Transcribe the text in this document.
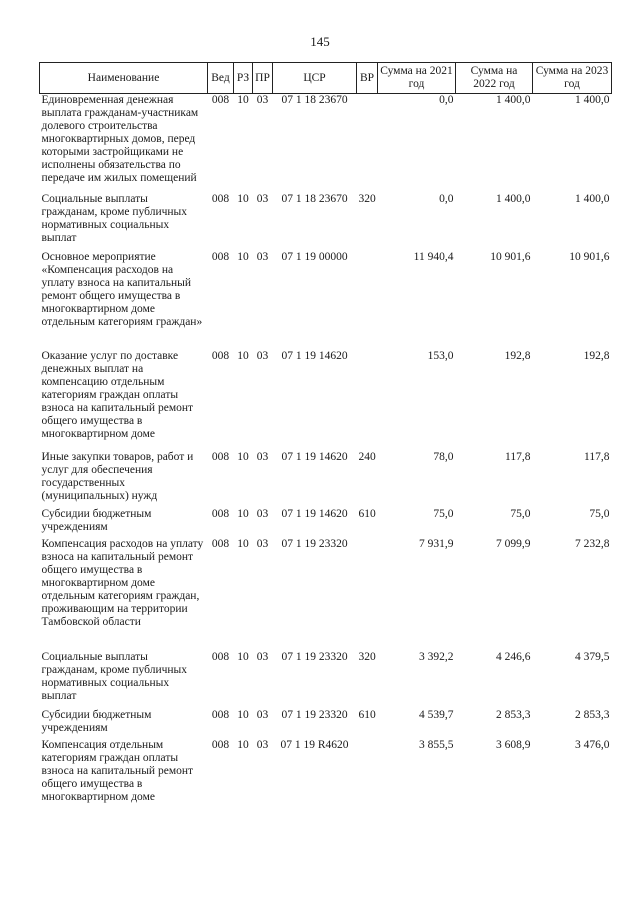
145
Наименование	Вед	РЗ	ПР	ЦСР	ВР	Сумма на 2021 год	Сумма на 2022 год	Сумма на 2023 год
Единовременная денежная выплата гражданам-участникам долевого строительства многоквартирных домов, перед которыми застройщиками не исполнены обязательства по передаче им жилых помещений	008	10	03	07 1 18 23670		0,0	1 400,0	1 400,0
Социальные выплаты гражданам, кроме публичных нормативных социальных выплат	008	10	03	07 1 18 23670	320	0,0	1 400,0	1 400,0
Основное мероприятие «Компенсация расходов на уплату взноса на капитальный ремонт общего имущества в многоквартирном доме отдельным категориям граждан»	008	10	03	07 1 19 00000		11 940,4	10 901,6	10 901,6
Оказание услуг по доставке денежных выплат на компенсацию отдельным категориям граждан оплаты взноса на капитальный ремонт общего имущества в многоквартирном доме	008	10	03	07 1 19 14620		153,0	192,8	192,8
Иные закупки товаров, работ и услуг для обеспечения государственных (муниципальных) нужд	008	10	03	07 1 19 14620	240	78,0	117,8	117,8
Субсидии бюджетным учреждениям	008	10	03	07 1 19 14620	610	75,0	75,0	75,0
Компенсация расходов на уплату взноса на капитальный ремонт общего имущества в многоквартирном доме отдельным категориям граждан, проживающим на территории Тамбовской области	008	10	03	07 1 19 23320		7 931,9	7 099,9	7 232,8
Социальные выплаты гражданам, кроме публичных нормативных социальных выплат	008	10	03	07 1 19 23320	320	3 392,2	4 246,6	4 379,5
Субсидии бюджетным учреждениям	008	10	03	07 1 19 23320	610	4 539,7	2 853,3	2 853,3
Компенсация отдельным категориям граждан оплаты взноса на капитальный ремонт общего имущества в многоквартирном доме	008	10	03	07 1 19 R4620		3 855,5	3 608,9	3 476,0
